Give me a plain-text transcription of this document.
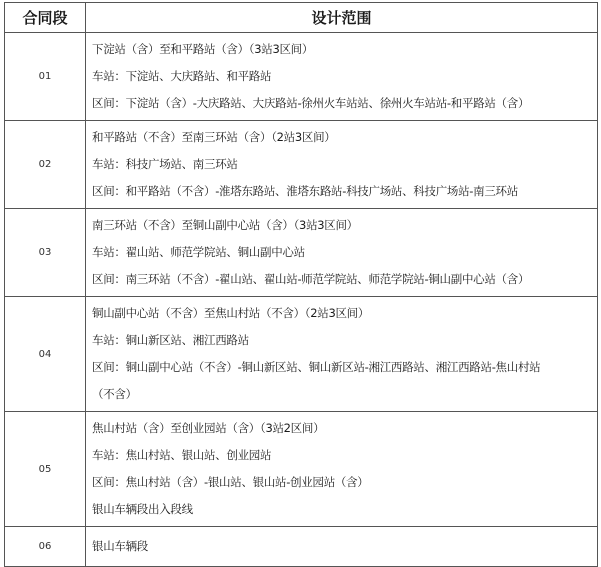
合同段	设计范围
01	下淀站（含）至和平路站（含）（3站3区间）
车站：下淀站、大庆路站、和平路站
区间：下淀站（含）-大庆路站、大庆路站-徐州火车站站、徐州火车站站-和平路站（含）

02	和平路站（不含）至南三环站（含）（2站3区间）
车站：科技广场站、南三环站
区间：和平路站（不含）-淮塔东路站、淮塔东路站-科技广场站、科技广场站-南三环站

03	南三环站（不含）至铜山副中心站（含）（3站3区间）
车站：翟山站、师范学院站、铜山副中心站
区间：南三环站（不含）-翟山站、翟山站-师范学院站、师范学院站-铜山副中心站（含）

04	铜山副中心站（不含）至焦山村站（不含）（2站3区间）
车站：铜山新区站、湘江西路站
区间：铜山副中心站（不含）-铜山新区站、铜山新区站-湘江西路站、湘江西路站-焦山村站
（不含）

05	焦山村站（含）至创业园站（含）（3站2区间）
车站：焦山村站、银山站、创业园站
区间：焦山村站（含）-银山站、银山站-创业园站（含）
银山车辆段出入段线

06	银山车辆段
